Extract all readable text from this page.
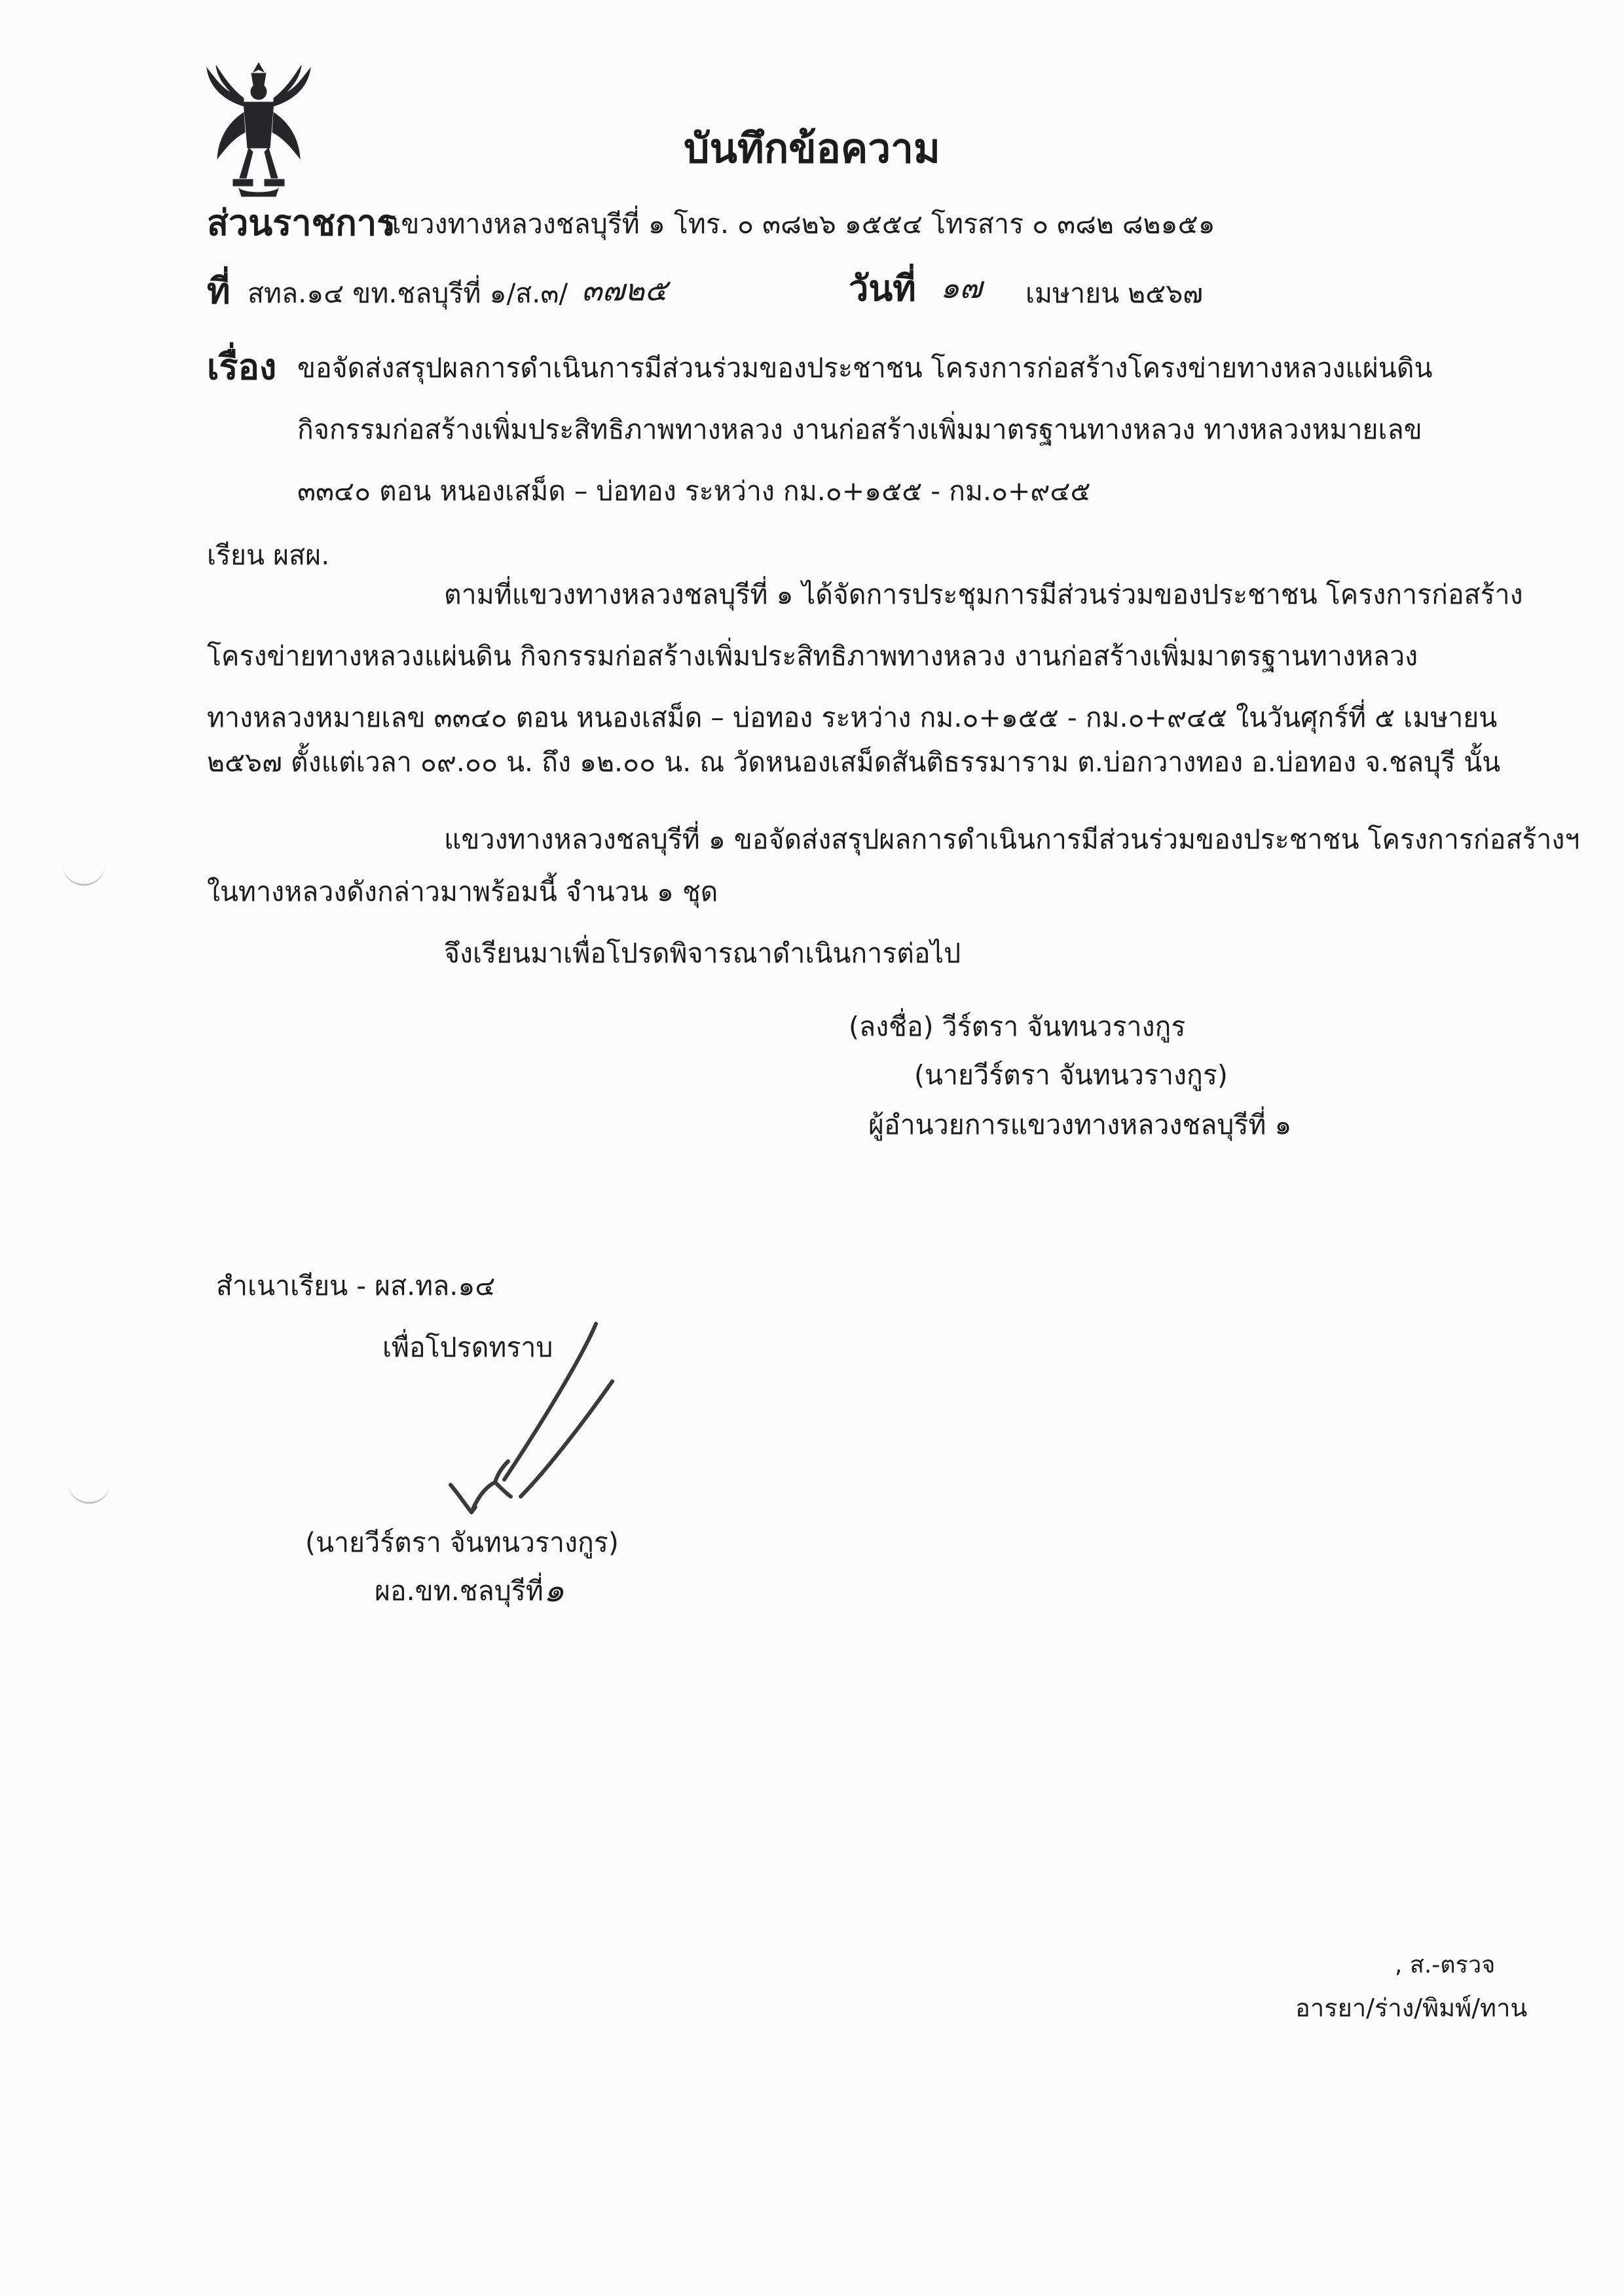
บันทึกข้อความ
ส่วนราชการ
แขวงทางหลวงชลบุรีที่ ๑ โทร. ๐ ๓๘๒๖ ๑๕๕๔ โทรสาร ๐ ๓๘๒ ๘๒๑๕๑
ที่ สทล.๑๔ ขท.ชลบุรีที่ ๑/ส.๓/ ๓๗๒๕	วันที่ ๑๗ เมษายน ๒๕๖๗
เรื่อง ขอจัดส่งสรุปผลการดำเนินการมีส่วนร่วมของประชาชน โครงการก่อสร้างโครงข่ายทางหลวงแผ่นดิน
กิจกรรมก่อสร้างเพิ่มประสิทธิภาพทางหลวง งานก่อสร้างเพิ่มมาตรฐานทางหลวง ทางหลวงหมายเลข
๓๓๔๐ ตอน หนองเสม็ด – บ่อทอง ระหว่าง กม.๐+๑๕๕ - กม.๐+๙๔๕
เรียน ผสผ.
ตามที่แขวงทางหลวงชลบุรีที่ ๑ ได้จัดการประชุมการมีส่วนร่วมของประชาชน โครงการก่อสร้าง
โครงข่ายทางหลวงแผ่นดิน กิจกรรมก่อสร้างเพิ่มประสิทธิภาพทางหลวง งานก่อสร้างเพิ่มมาตรฐานทางหลวง
ทางหลวงหมายเลข ๓๓๔๐ ตอน หนองเสม็ด – บ่อทอง ระหว่าง กม.๐+๑๕๕ - กม.๐+๙๔๕ ในวันศุกร์ที่ ๕ เมษายน
๒๕๖๗ ตั้งแต่เวลา ๐๙.๐๐ น. ถึง ๑๒.๐๐ น. ณ วัดหนองเสม็ดสันติธรรมาราม ต.บ่อกวางทอง อ.บ่อทอง จ.ชลบุรี นั้น
แขวงทางหลวงชลบุรีที่ ๑ ขอจัดส่งสรุปผลการดำเนินการมีส่วนร่วมของประชาชน โครงการก่อสร้างฯ
ในทางหลวงดังกล่าวมาพร้อมนี้ จำนวน ๑ ชุด
จึงเรียนมาเพื่อโปรดพิจารณาดำเนินการต่อไป
(ลงชื่อ) วีร์ตรา จันทนวรางกูร
(นายวีร์ตรา จันทนวรางกูร)
ผู้อำนวยการแขวงทางหลวงชลบุรีที่ ๑
สำเนาเรียน - ผส.ทล.๑๔
เพื่อโปรดทราบ
(นายวีร์ตรา จันทนวรางกูร)
ผอ.ขท.ชลบุรีที่ ๑
, ส.-ตรวจ
อารยา/ร่าง/พิมพ์/ทาน
